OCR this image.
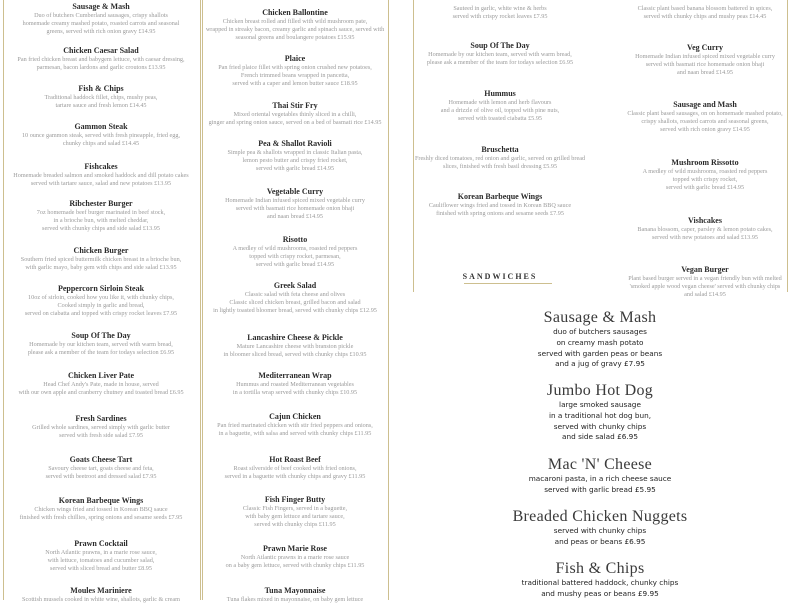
Sausage & Mash
Duo of butchers Cumberland sausages, crispy shallots
homemade creamy mashed potato, roasted carrots and seasonal
greens, served with rich onion gravy £14.95
Chicken Caesar Salad
Pan fried chicken breast and babygem lettuce, with caesar dressing,
parmesan, bacon lardons and garlic croutons £13.95
Fish & Chips
Traditional haddock fillet, chips, mushy peas,
tartare sauce and fresh lemon £14.45
Gammon Steak
10 ounce gammon steak, served with fresh pineapple, fried egg,
chunky chips and salad £14.45
Fishcakes
Homemade breaded salmon and smoked haddock and dill potato cakes
served with tartare sauce, salad and new potatoes £13.95
Ribchester Burger
7oz homemade beef burger marinated in beef stock,
in a brioche bun, with melted cheddar,
served with chunky chips and side salad £13.95
Chicken Burger
Southern fried spiced buttermilk chicken breast in a brioche bun,
with garlic mayo, baby gem with chips and side salad £13.95
Peppercorn Sirloin Steak
10oz of sirloin, cooked how you like it, with chunky chips,
Cooked simply in garlic and bread,
served on ciabatta and topped with crispy rocket leaves £7.95
Soup Of The Day
Homemade by our kitchen team, served with warm bread,
please ask a member of the team for todays selection £6.95
Chicken Liver Pate
Head Chef Andy's Pate, made in house, served
with our own apple and cranberry chutney and toasted bread £6.95
Fresh Sardines
Grilled whole sardines, served simply with garlic butter
served with fresh side salad £7.95
Goats Cheese Tart
Savoury cheese tart, goats cheese and feta,
served with beetroot and dressed salad £7.95
Korean Barbeque Wings
Chicken wings fried and tossed in Korean BBQ sauce
finished with fresh chillies, spring onions and sesame seeds £7.95
Prawn Cocktail
North Atlantic prawns, in a marie rose sauce,
with lettuce, tomatoes and cucumber salad,
served with sliced bread and butter £8.95
Moules Mariniere
Scottish mussels cooked in white wine, shallots, garlic & cream
Chicken Ballontine
Chicken breast rolled and filled with wild mushroom pate,
wrapped in streaky bacon, creamy garlic and spinach sauce, served with
seasonal greens and boulangere potatoes £15.95
Plaice
Pan fried plaice fillet with spring onion crushed new potatoes,
French trimmed beans wrapped in pancetta,
served with a caper and lemon butter sauce £18.95
Thai Stir Fry
Mixed oriental vegetables thinly sliced in a chilli,
ginger and spring onion sauce, served on a bed of basmati rice £14.95
Pea & Shallot Ravioli
Simple pea & shallots wrapped in classic Italian pasta,
lemon pesto butter and crispy fried rocket,
served with garlic bread £14.95
Vegetable Curry
Homemade Indian infused spiced mixed vegetable curry
served with basmati rice homemade onion bhaji
and naan bread £14.95
Risotto
A medley of wild mushrooms, roasted red peppers
topped with crispy rocket, parmesan,
served with garlic bread £14.95
Greek Salad
Classic salad with feta cheese and olives
Classic sliced chicken breast, grilled bacon and salad
in lightly toasted bloomer bread, served with chunky chips £12.95
Lancashire Cheese & Pickle
Mature Lancashire cheese with branston pickle
in bloomer sliced bread, served with chunky chips £10.95
Mediterranean Wrap
Hummus and roasted Mediterranean vegetables
in a tortilla wrap served with chunky chips £10.95
Cajun Chicken
Pan fried marinated chicken with stir fried peppers and onions,
in a baguette, with salsa and served with chunky chips £11.95
Hot Roast Beef
Roast silverside of beef cooked with fried onions,
served in a baguette with chunky chips and gravy £11.95
Fish Finger Butty
Classic Fish Fingers, served in a baguette,
with baby gem lettuce and tartare sauce,
served with chunky chips £11.95
Prawn Marie Rose
North Atlantic prawns in a marie rose sauce
on a baby gem lettuce, served with chunky chips £11.95
Tuna Mayonnaise
Tuna flakes mixed in mayonnaise, on baby gem lettuce
Sauteed in garlic, white wine & herbs
served with crispy rocket leaves £7.95
Soup Of The Day
Homemade by our kitchen team, served with warm bread,
please ask a member of the team for todays selection £6.95
Hummus
Homemade with lemon and herb flavours
and a drizzle of olive oil, topped with pine nuts,
served with toasted ciabatta £5.95
Bruschetta
Freshly diced tomatoes, red onion and garlic, served on grilled bread
slices, finished with fresh basil dressing £5.95
Korean Barbeque Wings
Cauliflower wings fried and tossed in Korean BBQ sauce
finished with spring onions and sesame seeds £7.95
Classic plant based banana blossom battered in spices,
served with chunky chips and mushy peas £14.45
Veg Curry
Homemade Indian infused spiced mixed vegetable curry
served with basmati rice homemade onion bhaji
and naan bread £14.95
Sausage and Mash
Classic plant based sausages, on on homemade mashed potato,
crispy shallots, roasted carrots and seasonal greens,
served with rich onion gravy £14.95
Mushroom Rissotto
A medley of wild mushrooms, roasted red peppers
topped with crispy rocket,
served with garlic bread £14.95
Vishcakes
Banana blossom, caper, parsley & lemon potato cakes,
served with new potatoes and salad £13.95
Vegan Burger
Plant based burger served in a vegan friendly bun with melted
'smoked apple wood vegan cheese' served with chunky chips
and salad £14.95
Sausage & Mash
duo of butchers sausages
on creamy mash potato
served with garden peas or beans
and a jug of gravy £7.95
Jumbo Hot Dog
large smoked sausage
in a traditional hot dog bun,
served with chunky chips
and side salad £6.95
Mac 'N' Cheese
macaroni pasta, in a rich cheese sauce
served with garlic bread £5.95
Breaded Chicken Nuggets
served with chunky chips
and peas or beans £6.95
Fish & Chips
traditional battered haddock, chunky chips
and mushy peas or beans £9.95
SANDWICHES
